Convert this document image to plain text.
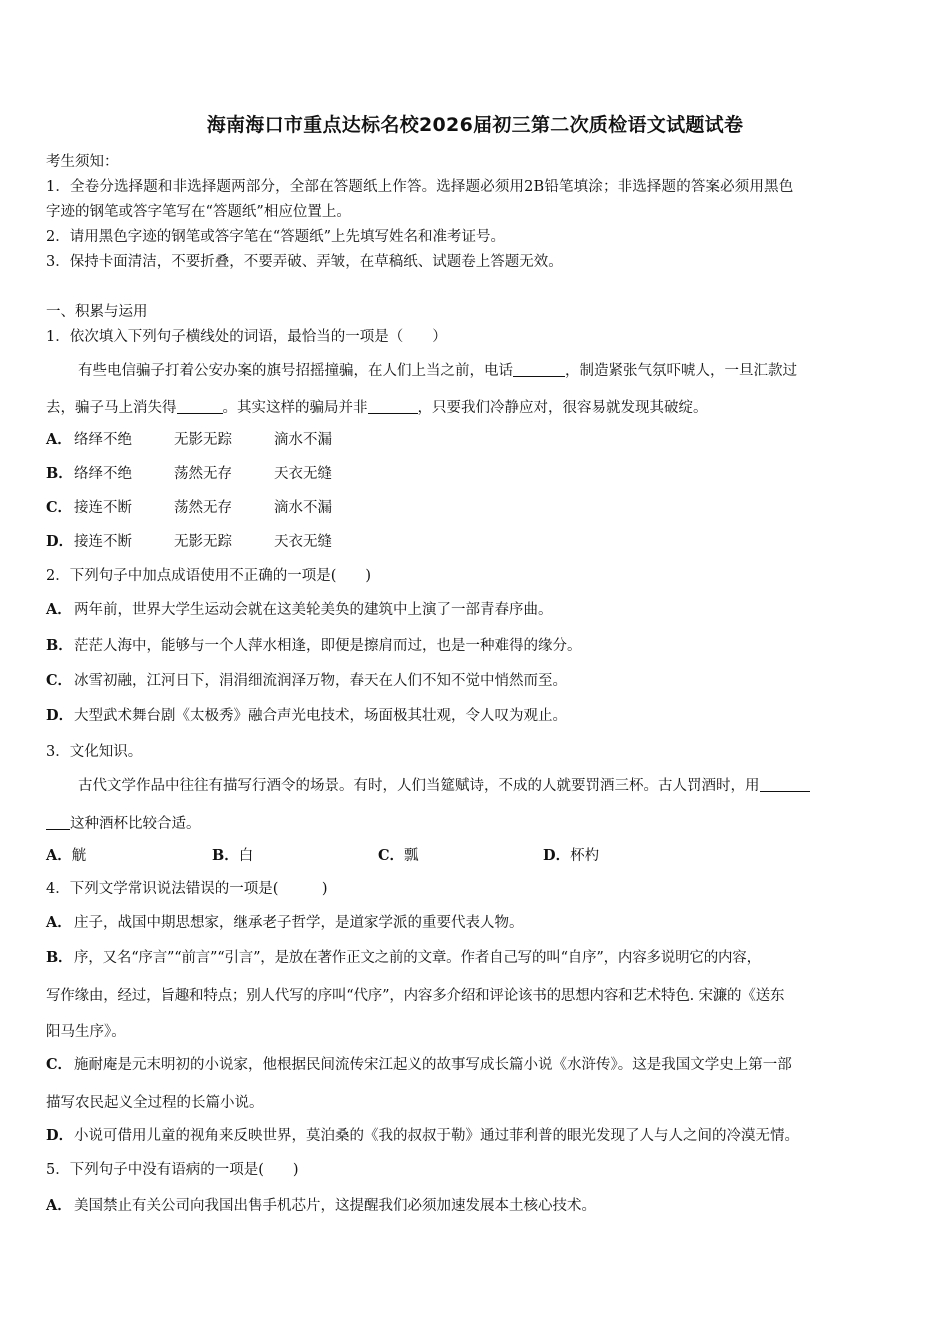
海南海口市重点达标名校2026届初三第二次质检语文试题试卷
考生须知：
1．全卷分选择题和非选择题两部分，全部在答题纸上作答。选择题必须用2B铅笔填涂；非选择题的答案必须用黑色
字迹的钢笔或答字笔写在“答题纸”相应位置上。
2．请用黑色字迹的钢笔或答字笔在“答题纸”上先填写姓名和准考证号。
3．保持卡面清洁，不要折叠，不要弄破、弄皱，在草稿纸、试题卷上答题无效。
一、积累与运用
1．依次填入下列句子横线处的词语，最恰当的一项是（　　）
有些电信骗子打着公安办案的旗号招摇撞骗，在人们上当之前，电话	，制造紧张气氛吓唬人，一旦汇款过
去，骗子马上消失得	。其实这样的骗局并非	，只要我们冷静应对，很容易就发现其破绽。
A． 络绎不绝	无影无踪	滴水不漏
B．络绎不绝	荡然无存	天衣无缝
C． 接连不断	荡然无存	滴水不漏
D．接连不断	无影无踪	天衣无缝
2．下列句子中加点成语使用不正确的一项是(　　)
A． 两年前，世界大学生运动会就在这美轮美奂的建筑中上演了一部青春序曲。
B．茫茫人海中，能够与一个人萍水相逢，即便是擦肩而过，也是一种难得的缘分。
C． 冰雪初融，江河日下，涓涓细流润泽万物，春天在人们不知不觉中悄然而至。
D．大型武术舞台剧《太极秀》融合声光电技术，场面极其壮观，令人叹为观止。
3．文化知识。
古代文学作品中往往有描写行酒令的场景。有时，人们当筵赋诗，不成的人就要罚酒三杯。古人罚酒时，用
这种酒杯比较合适。
A．觥	B．白	C．瓢	D．杯杓
4．下列文学常识说法错误的一项是(　　　)
A． 庄子，战国中期思想家，继承老子哲学，是道家学派的重要代表人物。
B． 序，又名“序言”“前言”“引言”，是放在著作正文之前的文章。作者自己写的叫“自序”，内容多说明它的内容，
写作缘由，经过，旨趣和特点；别人代写的序叫“代序”，内容多介绍和评论该书的思想内容和艺术特色. 宋濂的《送东
阳马生序》。
C． 施耐庵是元末明初的小说家，他根据民间流传宋江起义的故事写成长篇小说《水浒传》。这是我国文学史上第一部
描写农民起义全过程的长篇小说。
D．小说可借用儿童的视角来反映世界，莫泊桑的《我的叔叔于勒》通过菲利普的眼光发现了人与人之间的冷漠无情。
5．下列句子中没有语病的一项是(　　)
A． 美国禁止有关公司向我国出售手机芯片，这提醒我们必须加速发展本土核心技术。
